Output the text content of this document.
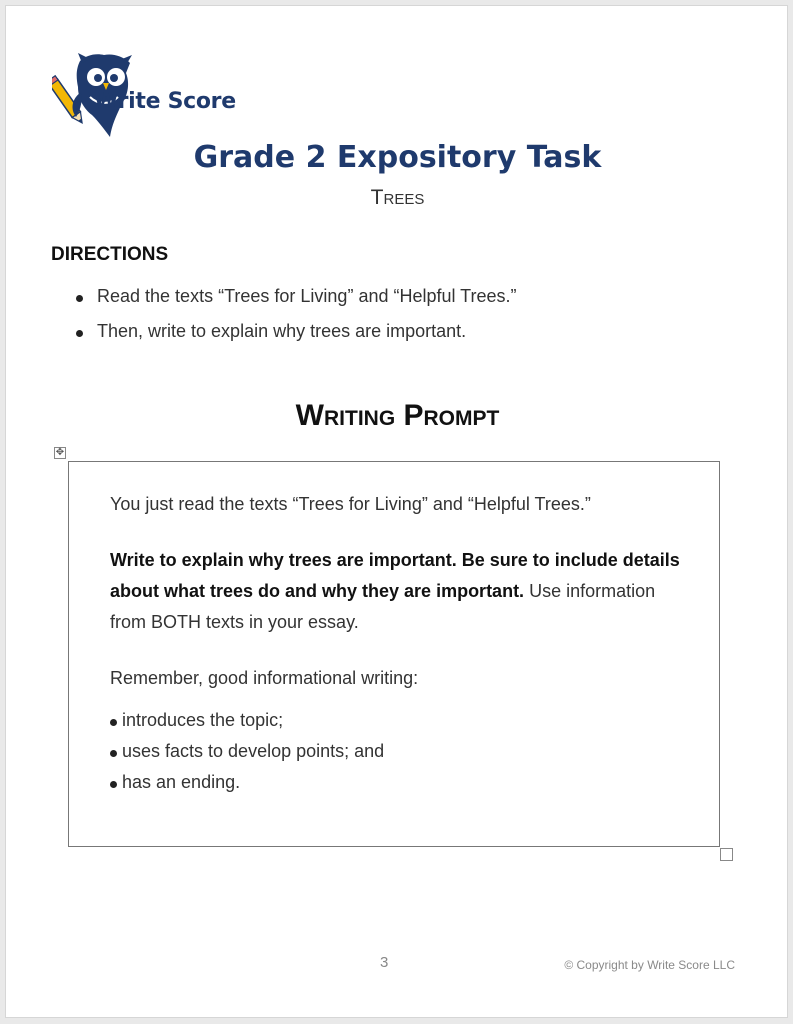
Write Score
Grade 2 Expository Task
Trees
DIRECTIONS
Read the texts “Trees for Living” and “Helpful Trees.”
Then, write to explain why trees are important.
Writing Prompt
✥
You just read the texts “Trees for Living” and “Helpful Trees.”
Write to explain why trees are important. Be sure to include details about what trees do and why they are important. Use information from BOTH texts in your essay.
Remember, good informational writing:
introduces the topic;
uses facts to develop points; and
has an ending.
3	© Copyright by Write Score LLC
